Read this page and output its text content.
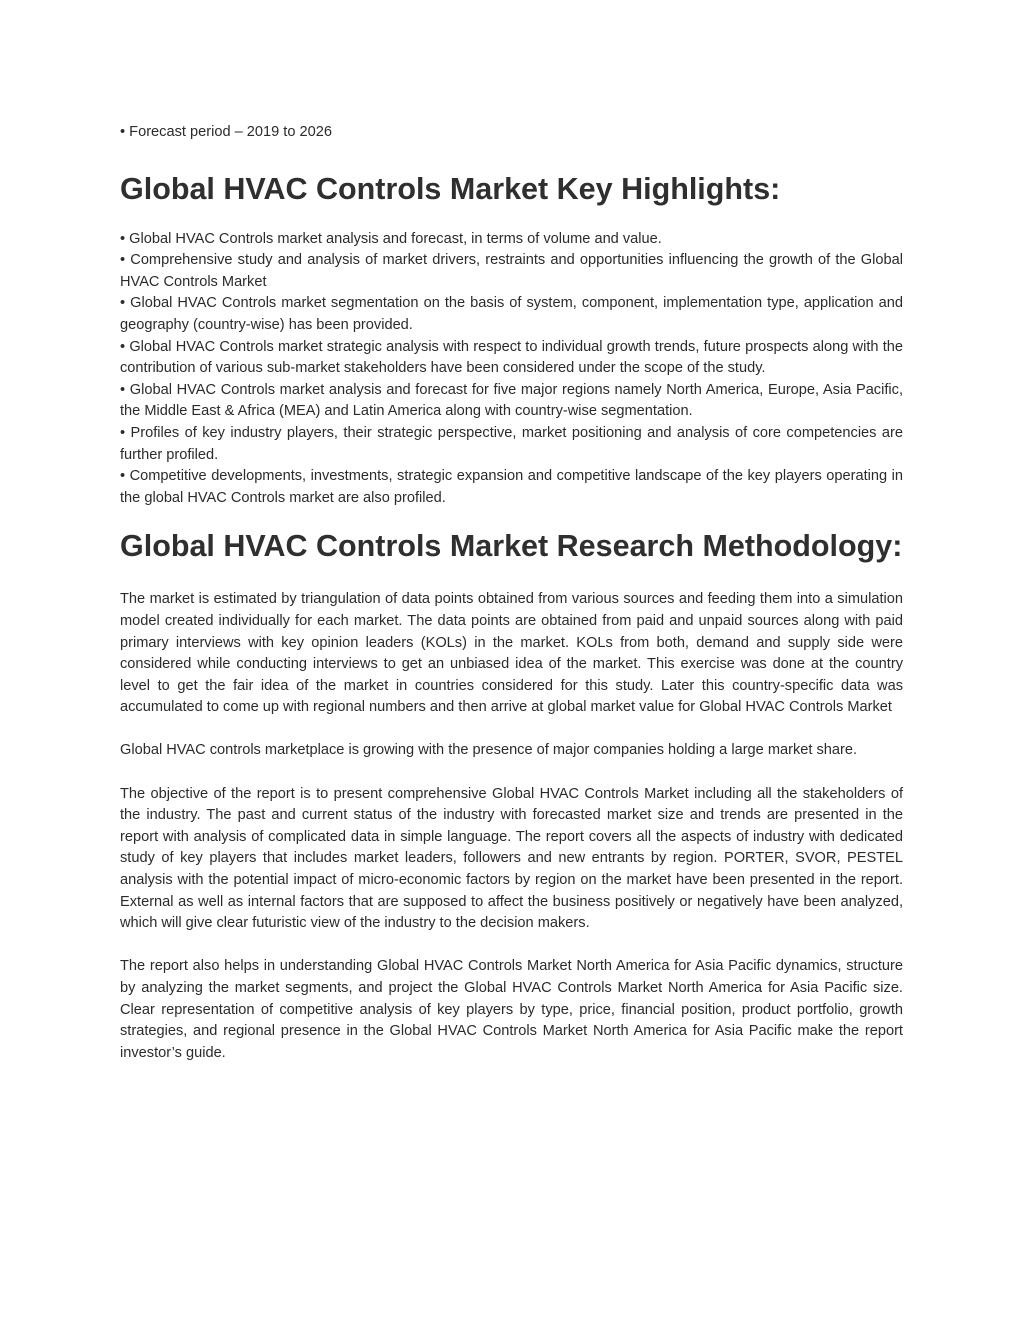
• Forecast period – 2019 to 2026

Global HVAC Controls Market Key Highlights:

• Global HVAC Controls market analysis and forecast, in terms of volume and value.

• Comprehensive study and analysis of market drivers, restraints and opportunities influencing the growth of the Global HVAC Controls Market

• Global HVAC Controls market segmentation on the basis of system, component, implementation type, application and geography (country-wise) has been provided.

• Global HVAC Controls market strategic analysis with respect to individual growth trends, future prospects along with the contribution of various sub-market stakeholders have been considered under the scope of the study.

• Global HVAC Controls market analysis and forecast for five major regions namely North America, Europe, Asia Pacific, the Middle East & Africa (MEA) and Latin America along with country-wise segmentation.

• Profiles of key industry players, their strategic perspective, market positioning and analysis of core competencies are further profiled.

• Competitive developments, investments, strategic expansion and competitive landscape of the key players operating in the global HVAC Controls market are also profiled.

Global HVAC Controls Market Research Methodology:

The market is estimated by triangulation of data points obtained from various sources and feeding them into a simulation model created individually for each market. The data points are obtained from paid and unpaid sources along with paid primary interviews with key opinion leaders (KOLs) in the market. KOLs from both, demand and supply side were considered while conducting interviews to get an unbiased idea of the market. This exercise was done at the country level to get the fair idea of the market in countries considered for this study. Later this country-specific data was accumulated to come up with regional numbers and then arrive at global market value for Global HVAC Controls Market

Global HVAC controls marketplace is growing with the presence of major companies holding a large market share.

The objective of the report is to present comprehensive Global HVAC Controls Market including all the stakeholders of the industry. The past and current status of the industry with forecasted market size and trends are presented in the report with analysis of complicated data in simple language. The report covers all the aspects of industry with dedicated study of key players that includes market leaders, followers and new entrants by region. PORTER, SVOR, PESTEL analysis with the potential impact of micro-economic factors by region on the market have been presented in the report. External as well as internal factors that are supposed to affect the business positively or negatively have been analyzed, which will give clear futuristic view of the industry to the decision makers.

The report also helps in understanding Global HVAC Controls Market North America for Asia Pacific dynamics, structure by analyzing the market segments, and project the Global HVAC Controls Market North America for Asia Pacific size. Clear representation of competitive analysis of key players by type, price, financial position, product portfolio, growth strategies, and regional presence in the Global HVAC Controls Market North America for Asia Pacific make the report investor’s guide.
